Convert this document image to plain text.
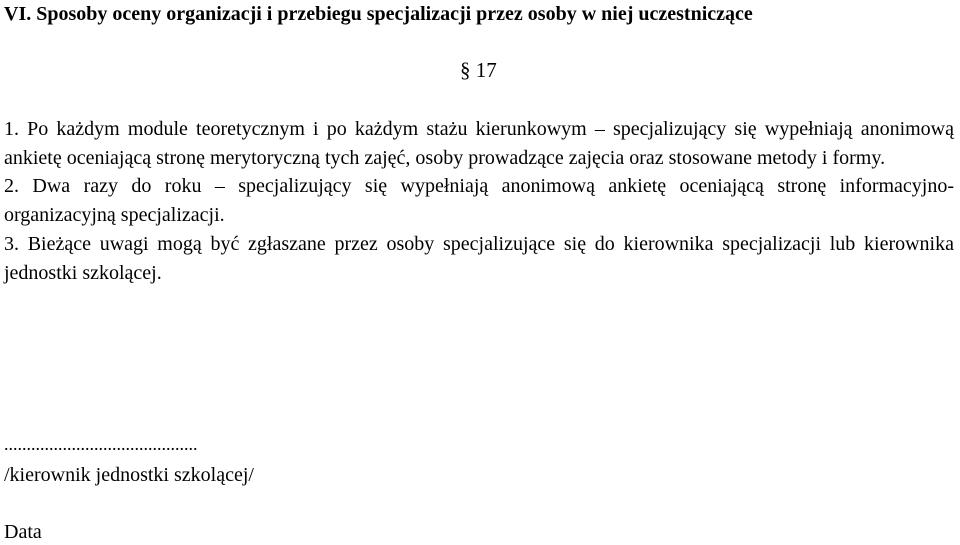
VI. Sposoby oceny organizacji i przebiegu specjalizacji przez osoby w niej uczestniczące
§ 17

1. Po każdym module teoretycznym i po każdym stażu kierunkowym – specjalizujący się wypełniają anonimową ankietę oceniającą stronę merytoryczną tych zajęć, osoby prowadzące zajęcia oraz stosowane metody i formy.

2. Dwa razy do roku – specjalizujący się wypełniają anonimową ankietę oceniającą stronę informacyjno-organizacyjną specjalizacji.

3. Bieżące uwagi mogą być zgłaszane przez osoby specjalizujące się do kierownika specjalizacji lub kierownika jednostki szkolącej.

...........................................
/kierownik jednostki szkolącej/
Data
